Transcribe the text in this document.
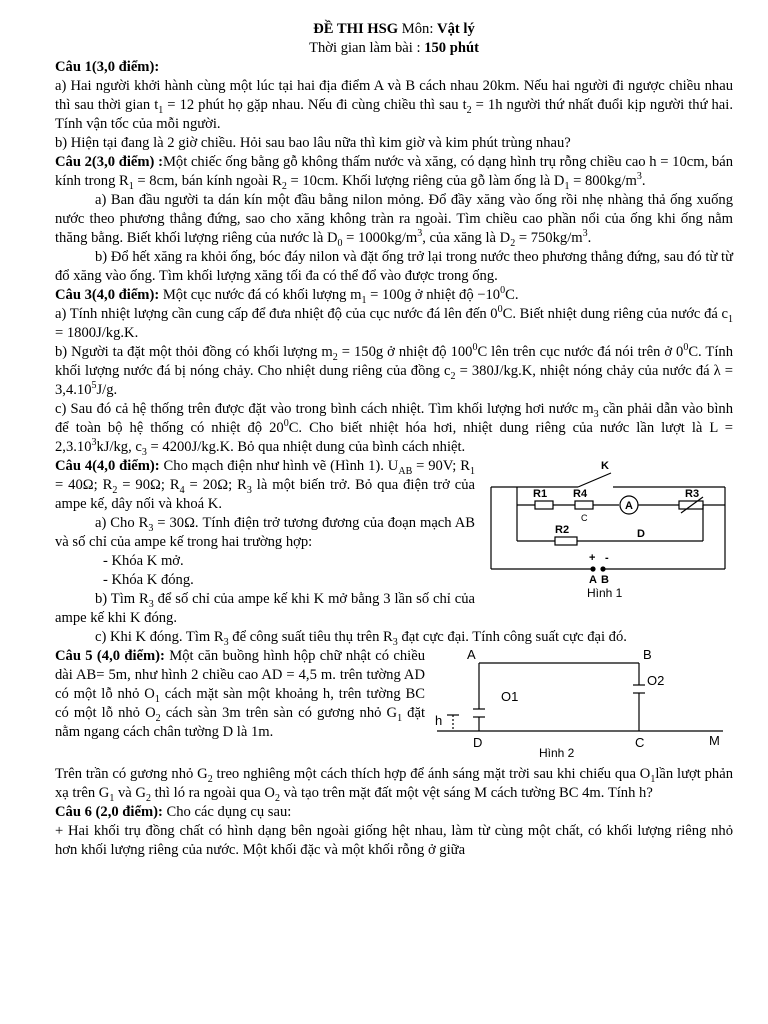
ĐỀ THI HSG Môn: Vật lý
Thời gian làm bài : 150 phút

Câu 1(3,0 điểm):

a) Hai người khởi hành cùng một lúc tại hai địa điểm A và B cách nhau 20km. Nếu hai người đi ngược chiều nhau thì sau thời gian $t_1 = 12$ phút họ gặp nhau. Nếu đi cùng chiều thì sau $t_2 = 1h$ người thứ nhất đuổi kịp người thứ hai. Tính vận tốc của mỗi người.

b) Hiện tại đang là 2 giờ chiều. Hỏi sau bao lâu nữa thì kim giờ và kim phút trùng nhau?

Câu 2(3,0 điểm) :Một chiếc ống bằng gỗ không thấm nước và xăng, có dạng hình trụ rỗng chiều cao h = 10cm, bán kính trong $R_1 = 8cm$, bán kính ngoài $R_2 = 10cm$. Khối lượng riêng của gỗ làm ống là $D_1 = 800kg/m^3$.

a) Ban đầu người ta dán kín một đầu bằng nilon mỏng. Đổ đầy xăng vào ống rồi nhẹ nhàng thả ống xuống nước theo phương thẳng đứng, sao cho xăng không tràn ra ngoài. Tìm chiều cao phần nổi của ống khi ống nằm thăng bằng. Biết khối lượng riêng của nước là $D_0 = 1000kg/m^3$, của xăng là $D_2 = 750kg/m^3$.

b) Đổ hết xăng ra khỏi ống, bóc đáy nilon và đặt ống trở lại trong nước theo phương thẳng đứng, sau đó từ từ đổ xăng vào ống. Tìm khối lượng xăng tối đa có thể đổ vào được trong ống.

Câu 3(4,0 điểm): Một cục nước đá có khối lượng $m_1 = 100g$ ở nhiệt độ $-10^0C$.

a) Tính nhiệt lượng cần cung cấp để đưa nhiệt độ của cục nước đá lên đến $0^0C$. Biết nhiệt dung riêng của nước đá $c_1 = 1800J/kg.K$.

b) Người ta đặt một thỏi đồng có khối lượng $m_2 = 150g$ ở nhiệt độ $100^0C$ lên trên cục nước đá nói trên ở $0^0C$. Tính khối lượng nước đá bị nóng chảy. Cho nhiệt dung riêng của đồng $c_2 = 380J/kg.K$, nhiệt nóng chảy của nước đá $\lambda = 3,4.10^5J/g$.

c) Sau đó cả hệ thống trên được đặt vào trong bình cách nhiệt. Tìm khối lượng hơi nước $m_3$ cần phải dẫn vào bình để toàn bộ hệ thống có nhiệt độ $20^0C$. Cho biết nhiệt hóa hơi, nhiệt dung riêng của nước lần lượt là $L = 2,3.10^3kJ/kg$, $c_3 = 4200J/kg.K$. Bỏ qua nhiệt dung của bình cách nhiệt.

K
R1 R4
A
R3
C
R2	D
+ -
A B
Hình 1

Câu 4(4,0 điểm): Cho mạch điện như hình vẽ (Hình 1). $U_{AB} = 90V$; $R_1 = 40\Omega$; $R_2 = 90\Omega$; $R_4 = 20\Omega$; $R_3$ là một biến trở. Bỏ qua điện trở của ampe kế, dây nối và khoá K.

a) Cho $R_3 = 30\Omega$. Tính điện trở tương đương của đoạn mạch AB và số chỉ của ampe kế trong hai trường hợp:

- Khóa K mở.

- Khóa K đóng.

b) Tìm $R_3$ để số chỉ của ampe kế khi K mở bằng 3 lần số chỉ của ampe kế khi K đóng.

c) Khi K đóng. Tìm $R_3$ để công suất tiêu thụ trên $R_3$ đạt cực đại. Tính công suất cực đại đó.

A	B
O1
O2
h
D	C	M
Hình 2

Câu 5 (4,0 điểm): Một căn buồng hình hộp chữ nhật có chiều dài AB= 5m, như hình 2 chiều cao AD = 4,5 m. trên tường AD có một lỗ nhỏ $O_1$ cách mặt sàn một khoảng h, trên tường BC có một lỗ nhỏ $O_2$ cách sàn 3m trên sàn có gương nhỏ $G_1$ đặt nằm ngang cách chân tường D là 1m.

Trên trần có gương nhỏ $G_2$ treo nghiêng một cách thích hợp để ánh sáng mặt trời sau khi chiếu qua $O_1lần$ lượt phản xạ trên $G_1$ và $G_2$ thì ló ra ngoài qua $O_2$ và tạo trên mặt đất một vệt sáng M cách tường BC 4m. Tính h?

Câu 6 (2,0 điểm): Cho các dụng cụ sau:

+ Hai khối trụ đồng chất có hình dạng bên ngoài giống hệt nhau, làm từ cùng một chất, có khối lượng riêng nhỏ hơn khối lượng riêng của nước. Một khối đặc và một khối rỗng ở giữa
